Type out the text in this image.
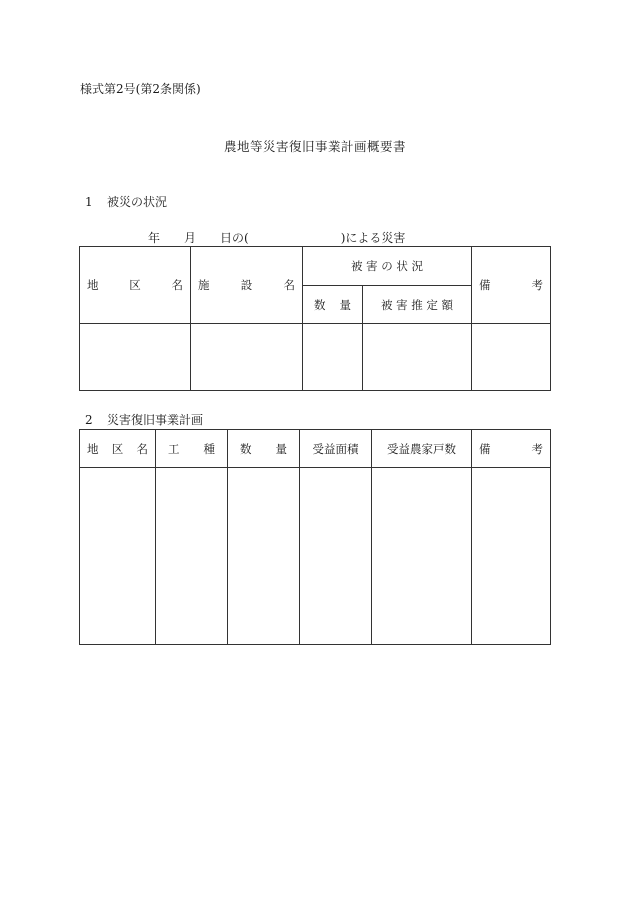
様式第2号(第2条関係)
農地等災害復旧事業計画概要書
1 被災の状況
年 月 日の(	)による災害
地 区 名	施 設 名	被 害 の 状 況		備 考

		数 量	被 害 推 定 額	

2 災害復旧事業計画
地 区 名	工 種	数 量	受益面積	受益農家戸数	備 考
